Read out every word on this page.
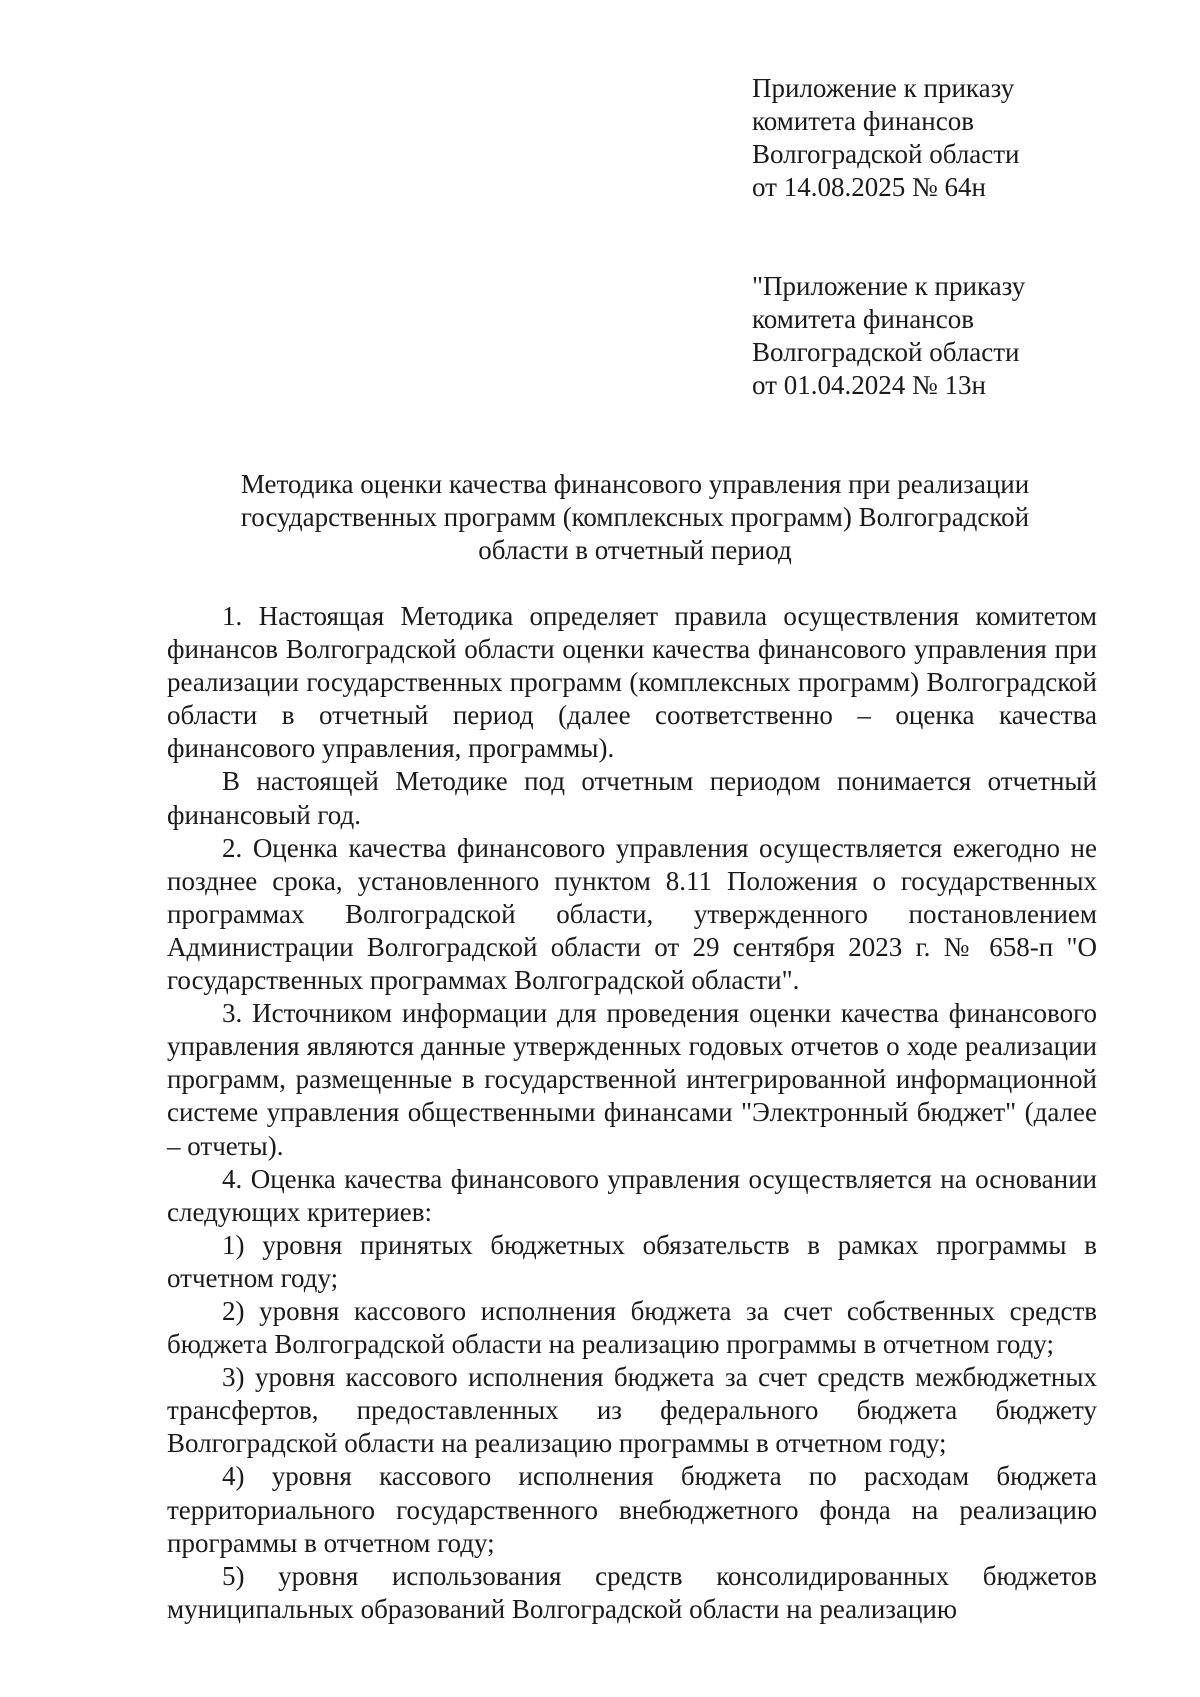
Приложение к приказу
комитета финансов
Волгоградской области
от 14.08.2025 № 64н
"Приложение к приказу
комитета финансов
Волгоградской области
от 01.04.2024 № 13н
Методика оценки качества финансового управления при реализации
государственных программ (комплексных программ) Волгоградской
области в отчетный период

1. Настоящая Методика определяет правила осуществления комитетом финансов Волгоградской области оценки качества финансового управления при реализации государственных программ (комплексных программ) Волгоградской области в отчетный период (далее соответственно – оценка качества финансового управления, программы).

В настоящей Методике под отчетным периодом понимается отчетный финансовый год.

2. Оценка качества финансового управления осуществляется ежегодно не позднее срока, установленного пунктом 8.11 Положения о государственных программах Волгоградской области, утвержденного постановлением Администрации Волгоградской области от 29 сентября 2023 г. № 658-п "О государственных программах Волгоградской области".

3. Источником информации для проведения оценки качества финансового управления являются данные утвержденных годовых отчетов о ходе реализации программ, размещенные в государственной интегрированной информационной системе управления общественными финансами "Электронный бюджет" (далее – отчеты).

4. Оценка качества финансового управления осуществляется на основании следующих критериев:

1) уровня принятых бюджетных обязательств в рамках программы в отчетном году;

2) уровня кассового исполнения бюджета за счет собственных средств бюджета Волгоградской области на реализацию программы в отчетном году;

3) уровня кассового исполнения бюджета за счет средств межбюджетных трансфертов, предоставленных из федерального бюджета бюджету Волгоградской области на реализацию программы в отчетном году;

4) уровня кассового исполнения бюджета по расходам бюджета территориального государственного внебюджетного фонда на реализацию программы в отчетном году;

5) уровня использования средств консолидированных бюджетов муниципальных образований Волгоградской области на реализацию
